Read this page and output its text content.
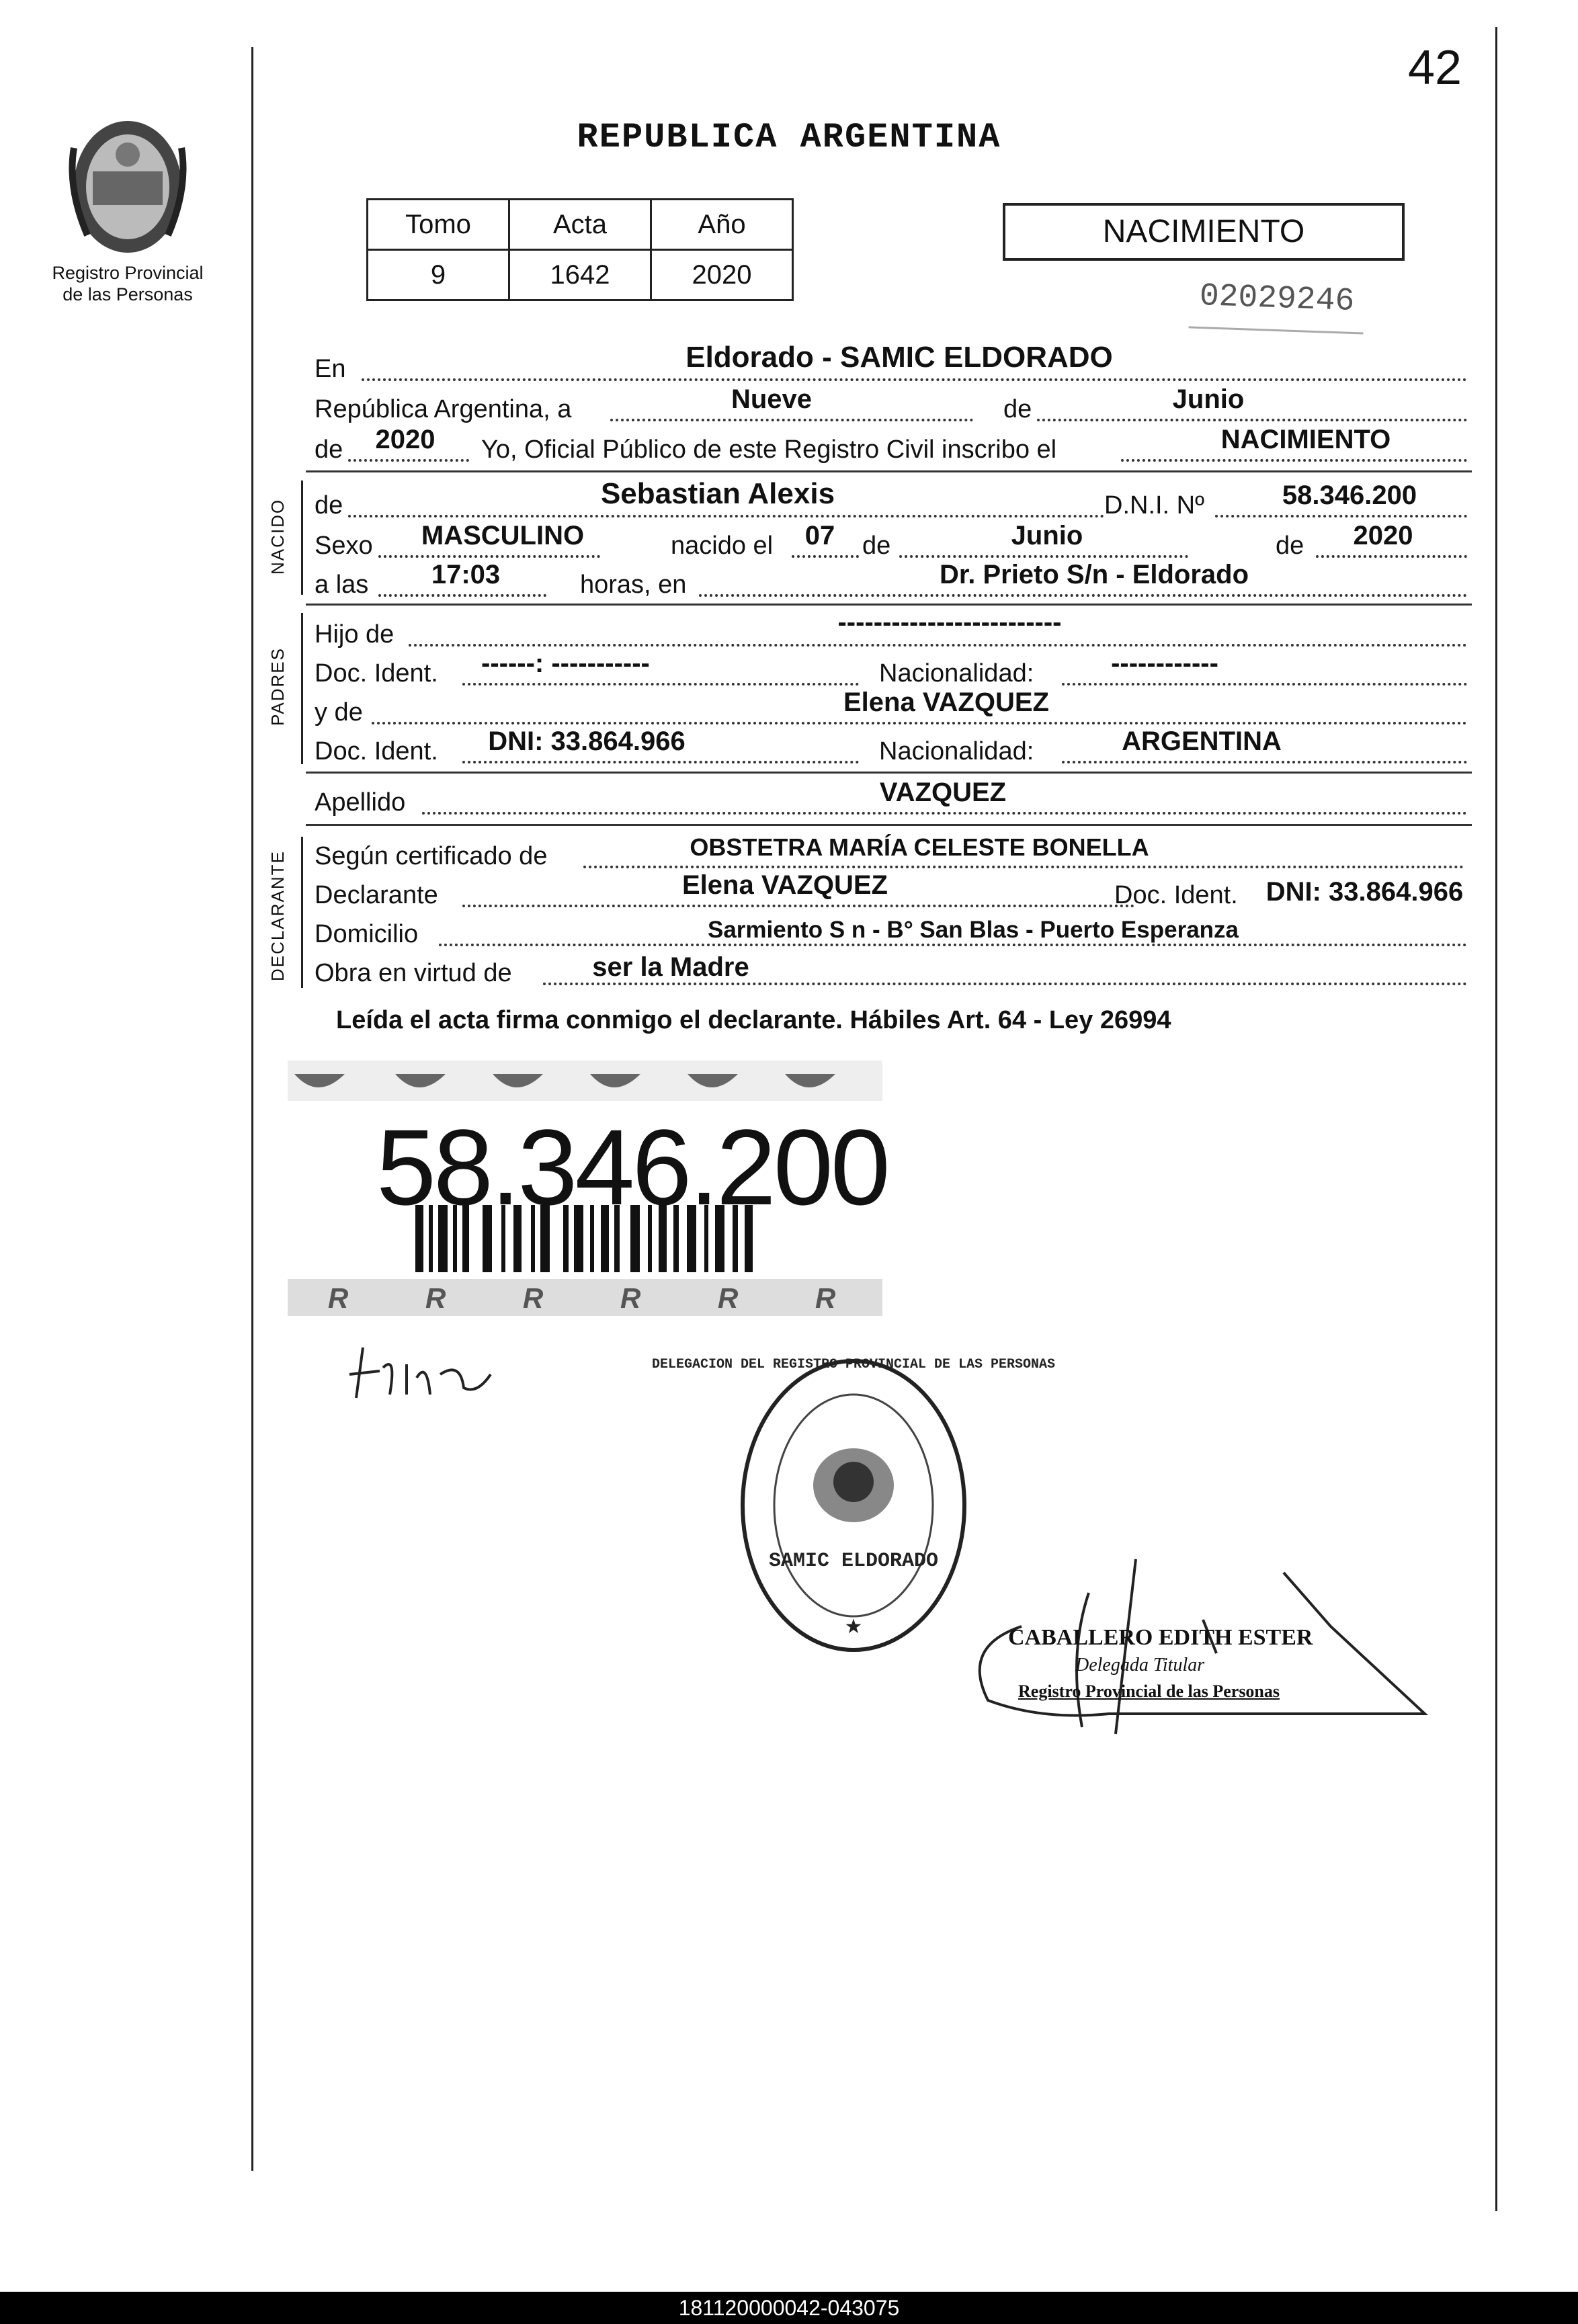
42
Registro Provincial
de las Personas
REPUBLICA ARGENTINA
Tomo	Acta	Año
9	1642	2020
NACIMIENTO
02029246
En	Eldorado - SAMIC ELDORADO
República Argentina, a	Nueve	de	Junio
de	2020	Yo, Oficial Público de este Registro Civil inscribo el	NACIMIENTO
NACIDO de	Sebastian Alexis	D.N.I. Nº	58.346.200
Sexo MASCULINO	nacido el	07	de	Junio	de	2020
a las	17:03	horas, en	Dr. Prieto S/n - Eldorado
PADRES
Hijo de	-------------------------
Doc. Ident. ------: -----------	Nacionalidad:	------------
y de	Elena VAZQUEZ
Doc. Ident.	DNI: 33.864.966	Nacionalidad:	ARGENTINA
Apellido	VAZQUEZ
DECLARANTE Según certificado de	OBSTETRA MARÍA CELESTE BONELLA
Declarante	Elena VAZQUEZ	Doc. Ident. DNI: 33.864.966
Domicilio	Sarmiento S n - B° San Blas - Puerto Esperanza
Obra en virtud de	ser la Madre
Leída el acta firma conmigo el declarante. Hábiles Art. 64 - Ley 26994
R	R	R	R	R	R
58.346.200
DELEGACION DEL REGISTRO PROVINCIAL DE LAS PERSONAS
SAMIC ELDORADO
★	CABALLERO EDITH ESTER
Delegada Titular
Registro Provincial de las Personas
181120000042-043075
